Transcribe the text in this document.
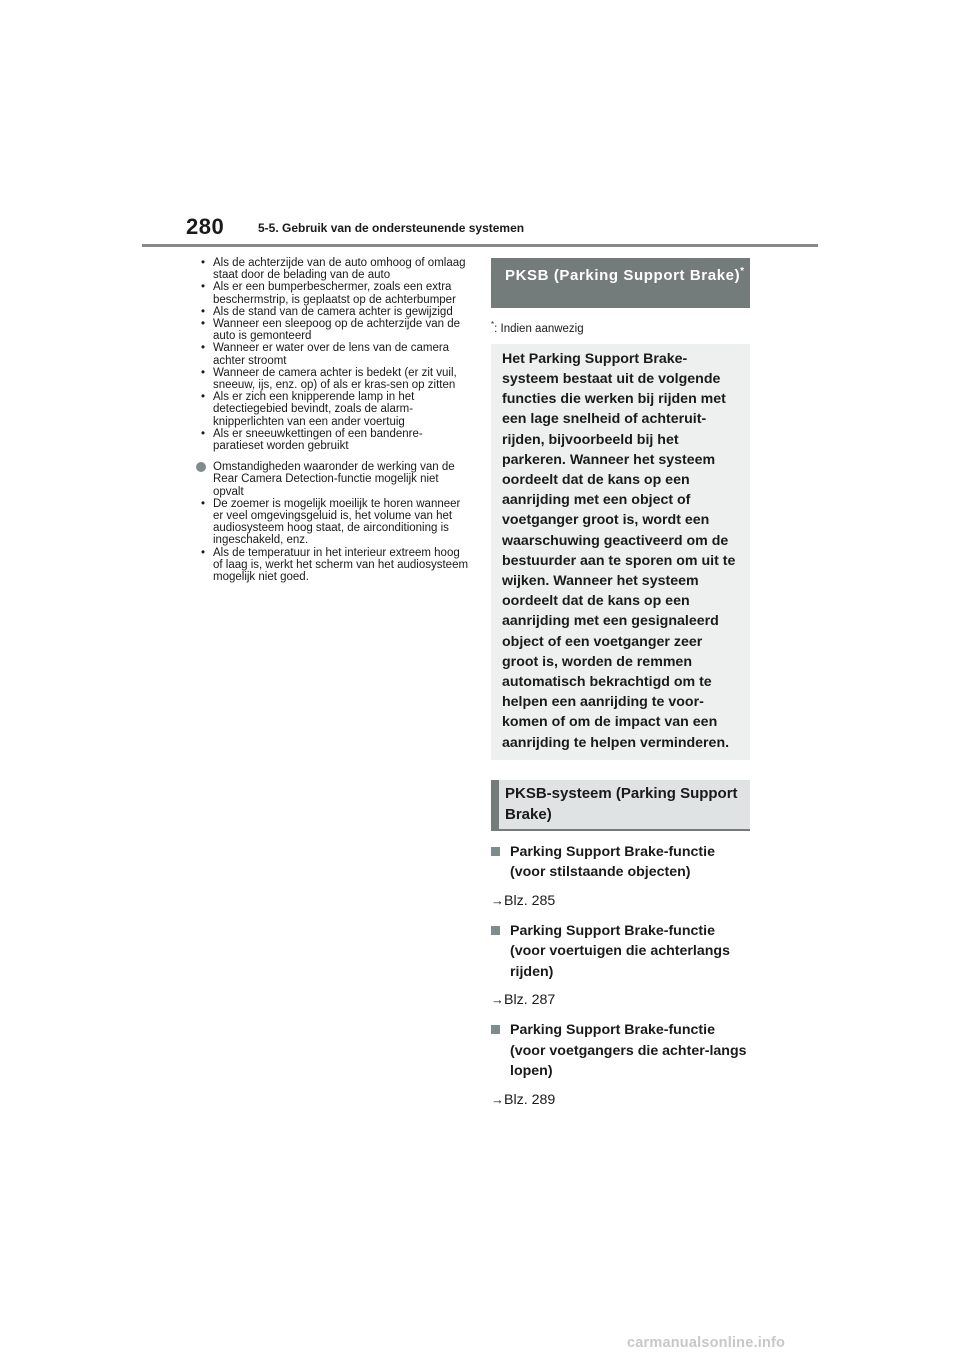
280	5-5. Gebruik van de ondersteunende systemen
• Als de achterzijde van de auto omhoog of omlaag staat door de belading van de auto
• Als er een bumperbeschermer, zoals een extra beschermstrip, is geplaatst op de achterbumper
• Als de stand van de camera achter is gewijzigd
• Wanneer een sleepoog op de achterzijde van de auto is gemonteerd
• Wanneer er water over de lens van de camera achter stroomt
• Wanneer de camera achter is bedekt (er zit vuil, sneeuw, ijs, enz. op) of als er kras-sen op zitten
• Als er zich een knipperende lamp in het detectiegebied bevindt, zoals de alarm-knipperlichten van een ander voertuig
• Als er sneeuwkettingen of een bandenre-paratieset worden gebruikt
Omstandigheden waaronder de werking van de Rear Camera Detection-functie mogelijk niet opvalt
• De zoemer is mogelijk moeilijk te horen wanneer er veel omgevingsgeluid is, het volume van het audiosysteem hoog staat, de airconditioning is ingeschakeld, enz.
• Als de temperatuur in het interieur extreem hoog of laag is, werkt het scherm van het audiosysteem mogelijk niet goed.
PKSB (Parking Support Brake)*
*: Indien aanwezig
Het Parking Support Brake-systeem bestaat uit de volgende functies die werken bij rijden met een lage snelheid of achteruit-rijden, bijvoorbeeld bij het parkeren. Wanneer het systeem oordeelt dat de kans op een aanrijding met een object of voetganger groot is, wordt een waarschuwing geactiveerd om de bestuurder aan te sporen om uit te wijken. Wanneer het systeem oordeelt dat de kans op een aanrijding met een gesignaleerd object of een voetganger zeer groot is, worden de remmen automatisch bekrachtigd om te helpen een aanrijding te voor-komen of om de impact van een aanrijding te helpen verminderen.
PKSB-systeem (Parking Support Brake)
Parking Support Brake-functie (voor stilstaande objecten)
→Blz. 285
Parking Support Brake-functie (voor voertuigen die achterlangs rijden)
→Blz. 287
Parking Support Brake-functie (voor voetgangers die achter-langs lopen)
→Blz. 289
carmanualsonline.info
